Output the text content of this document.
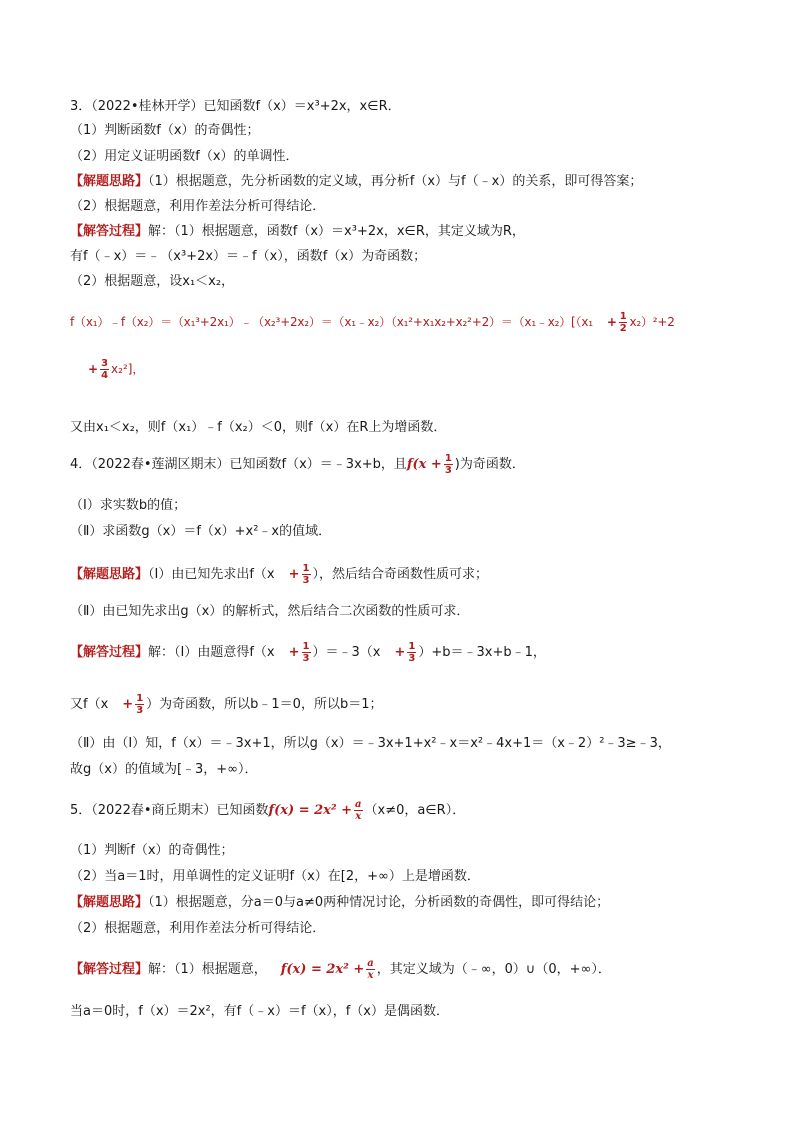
3．（2022•桂林开学）已知函数f（x）＝x³+2x，x∈R．
（1）判断函数f（x）的奇偶性；
（2）用定义证明函数f（x）的单调性．
【解题思路】（1）根据题意，先分析函数的定义域，再分析f（x）与f（﹣x）的关系，即可得答案；
（2）根据题意，利用作差法分析可得结论．
【解答过程】解：（1）根据题意，函数f（x）＝x³+2x，x∈R，其定义域为R，
有f（﹣x）＝﹣（x³+2x）＝﹣f（x），函数f（x）为奇函数；
（2）根据题意，设x₁＜x₂，
f（x₁）﹣f（x₂）＝（x₁³+2x₁）﹣（x₂³+2x₂）＝（x₁﹣x₂）（x₁²+x₁x₂+x₂²+2）＝（x₁﹣x₂）[（x₁ + $\frac{1}{2} x_2)^2+2$
+ $\frac{3}{4} x_2^2$]，
又由x₁＜x₂，则f（x₁）﹣f（x₂）＜0，则f（x）在R上为增函数．
4．（2022春•莲湖区期末）已知函数f（x）＝﹣3x+b，且$f(x + \frac{1}{3}$ )为奇函数．
（Ⅰ）求实数b的值；
（Ⅱ）求函数g（x）＝f（x）+x²﹣x的值域．
【解题思路】（Ⅰ）由已知先求出$f(x + \frac{1}{3}$ ），然后结合奇函数性质可求；
（Ⅱ）由已知先求出g（x）的解析式，然后结合二次函数的性质可求．
【解答过程】解：（Ⅰ）由题意得$f(x + \frac{1}{3}$ ）＝﹣3（x + $\frac{1}{3}$ ）+b＝﹣3x+b﹣1，
又$f(x + \frac{1}{3}$ ）为奇函数，所以b﹣1＝0，所以b＝1；
（Ⅱ）由（Ⅰ）知，f（x）＝﹣3x+1，所以g（x）＝﹣3x+1+x²﹣x＝x²﹣4x+1＝（x﹣2）²﹣3≥﹣3，
故g（x）的值域为[﹣3，+∞）．
5．（2022春•商丘期末）已知函数$f(x) = 2x^2 + \frac{a}{x} (x\ne 0$，a∈R）．
（1）判断f（x）的奇偶性；
（2）当a＝1时，用单调性的定义证明f（x）在[2，+∞）上是增函数．
【解题思路】（1）根据题意，分a＝0与a≠0两种情况讨论，分析函数的奇偶性，即可得结论；
（2）根据题意，利用作差法分析可得结论．
【解答过程】解：（1）根据题意， $f(x) = 2x^2 + \frac{a}{x}$ ，其定义域为（﹣∞，0）∪（0，+∞）．
当a＝0时，f（x）＝2x²，有f（﹣x）＝f（x），f（x）是偶函数．
